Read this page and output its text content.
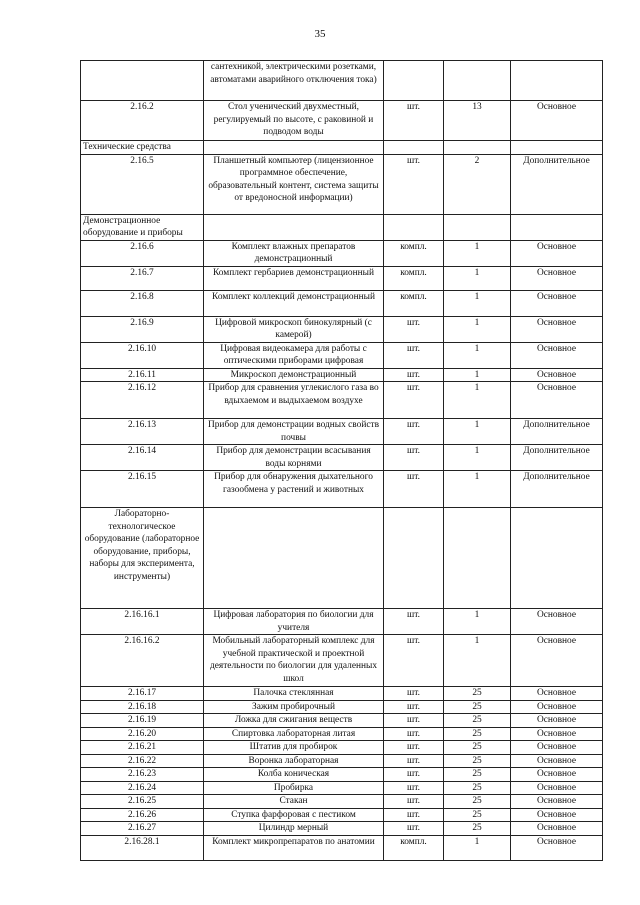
35
	сантехникой, электрическими розетками, автоматами аварийного отключения тока)			
2.16.2	Стол ученический двухместный, регулируемый по высоте, с раковиной и подводом воды	шт.	13	Основное
Технические средства				
2.16.5	Планшетный компьютер (лицензионное программное обеспечение, образовательный контент, система защиты от вредоносной информации)	шт.	2	Дополнительное
Демонстрационное оборудование и приборы				
2.16.6	Комплект влажных препаратов демонстрационный	компл.	1	Основное
2.16.7	Комплект гербариев демонстрационный	компл.	1	Основное
2.16.8	Комплект коллекций демонстрационный	компл.	1	Основное
2.16.9	Цифровой микроскоп бинокулярный (с камерой)	шт.	1	Основное
2.16.10	Цифровая видеокамера для работы с оптическими приборами цифровая	шт.	1	Основное
2.16.11	Микроскоп демонстрационный	шт.	1	Основное
2.16.12	Прибор для сравнения углекислого газа во вдыхаемом и выдыхаемом воздухе	шт.	1	Основное
2.16.13	Прибор для демонстрации водных свойств почвы	шт.	1	Дополнительное
2.16.14	Прибор для демонстрации всасывания воды корнями	шт.	1	Дополнительное
2.16.15	Прибор для обнаружения дыхательного газообмена у растений и животных	шт.	1	Дополнительное
Лабораторно-технологическое оборудование (лабораторное оборудование, приборы, наборы для эксперимента, инструменты)				
2.16.16.1	Цифровая лаборатория по биологии для учителя	шт.	1	Основное
2.16.16.2	Мобильный лабораторный комплекс для учебной практической и проектной деятельности по биологии для удаленных школ	шт.	1	Основное
2.16.17	Палочка стеклянная	шт.	25	Основное
2.16.18	Зажим пробирочный	шт.	25	Основное
2.16.19	Ложка для сжигания веществ	шт.	25	Основное
2.16.20	Спиртовка лабораторная литая	шт.	25	Основное
2.16.21	Штатив для пробирок	шт.	25	Основное
2.16.22	Воронка лабораторная	шт.	25	Основное
2.16.23	Колба коническая	шт.	25	Основное
2.16.24	Пробирка	шт.	25	Основное
2.16.25	Стакан	шт.	25	Основное
2.16.26	Ступка фарфоровая с пестиком	шт.	25	Основное
2.16.27	Цилиндр мерный	шт.	25	Основное
2.16.28.1	Комплект микропрепаратов по анатомии	компл.	1	Основное
